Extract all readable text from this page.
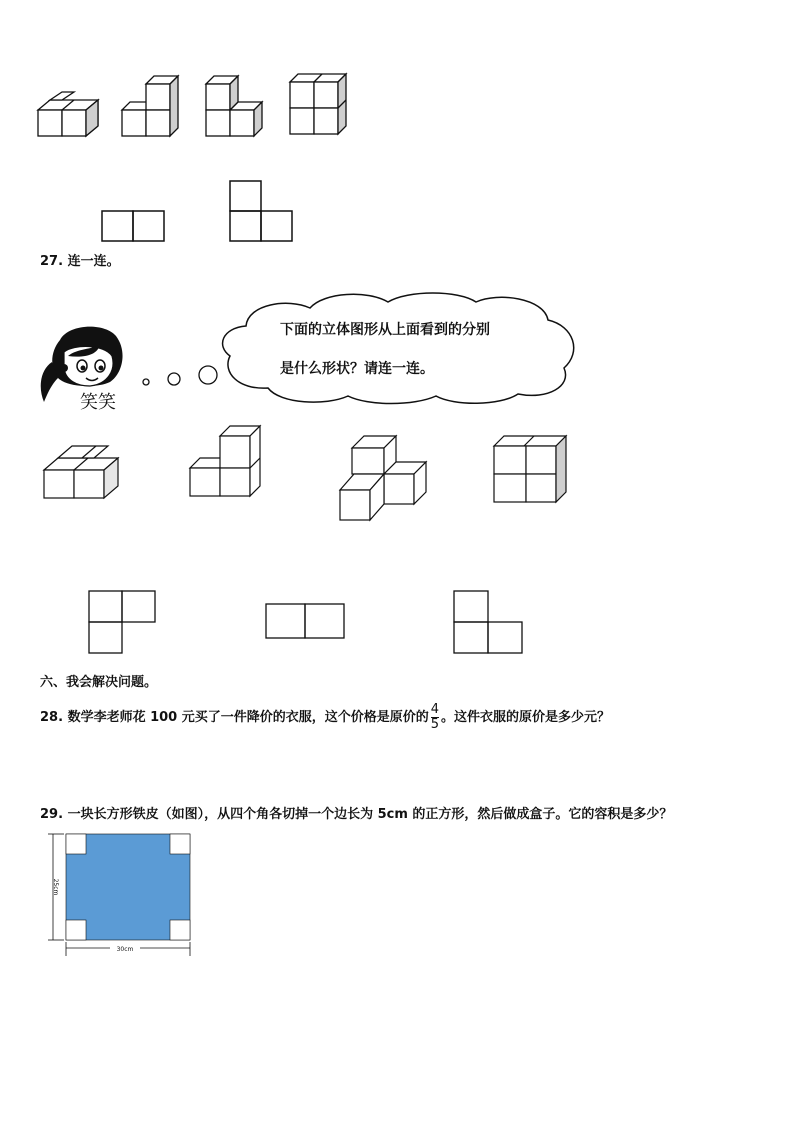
27. 连一连。
笑笑
下面的立体图形从上面看到的分别
是什么形状？请连一连。
六、我会解决问题。
28. 数学李老师花 100 元买了一件降价的衣服，这个价格是原价的 $\frac{4}{5}$ 。这件衣服的原价是多少元？
29. 一块长方形铁皮（如图），从四个角各切掉一个边长为 5cm 的正方形，然后做成盒子。它的容积是多少？
25cm
30cm
